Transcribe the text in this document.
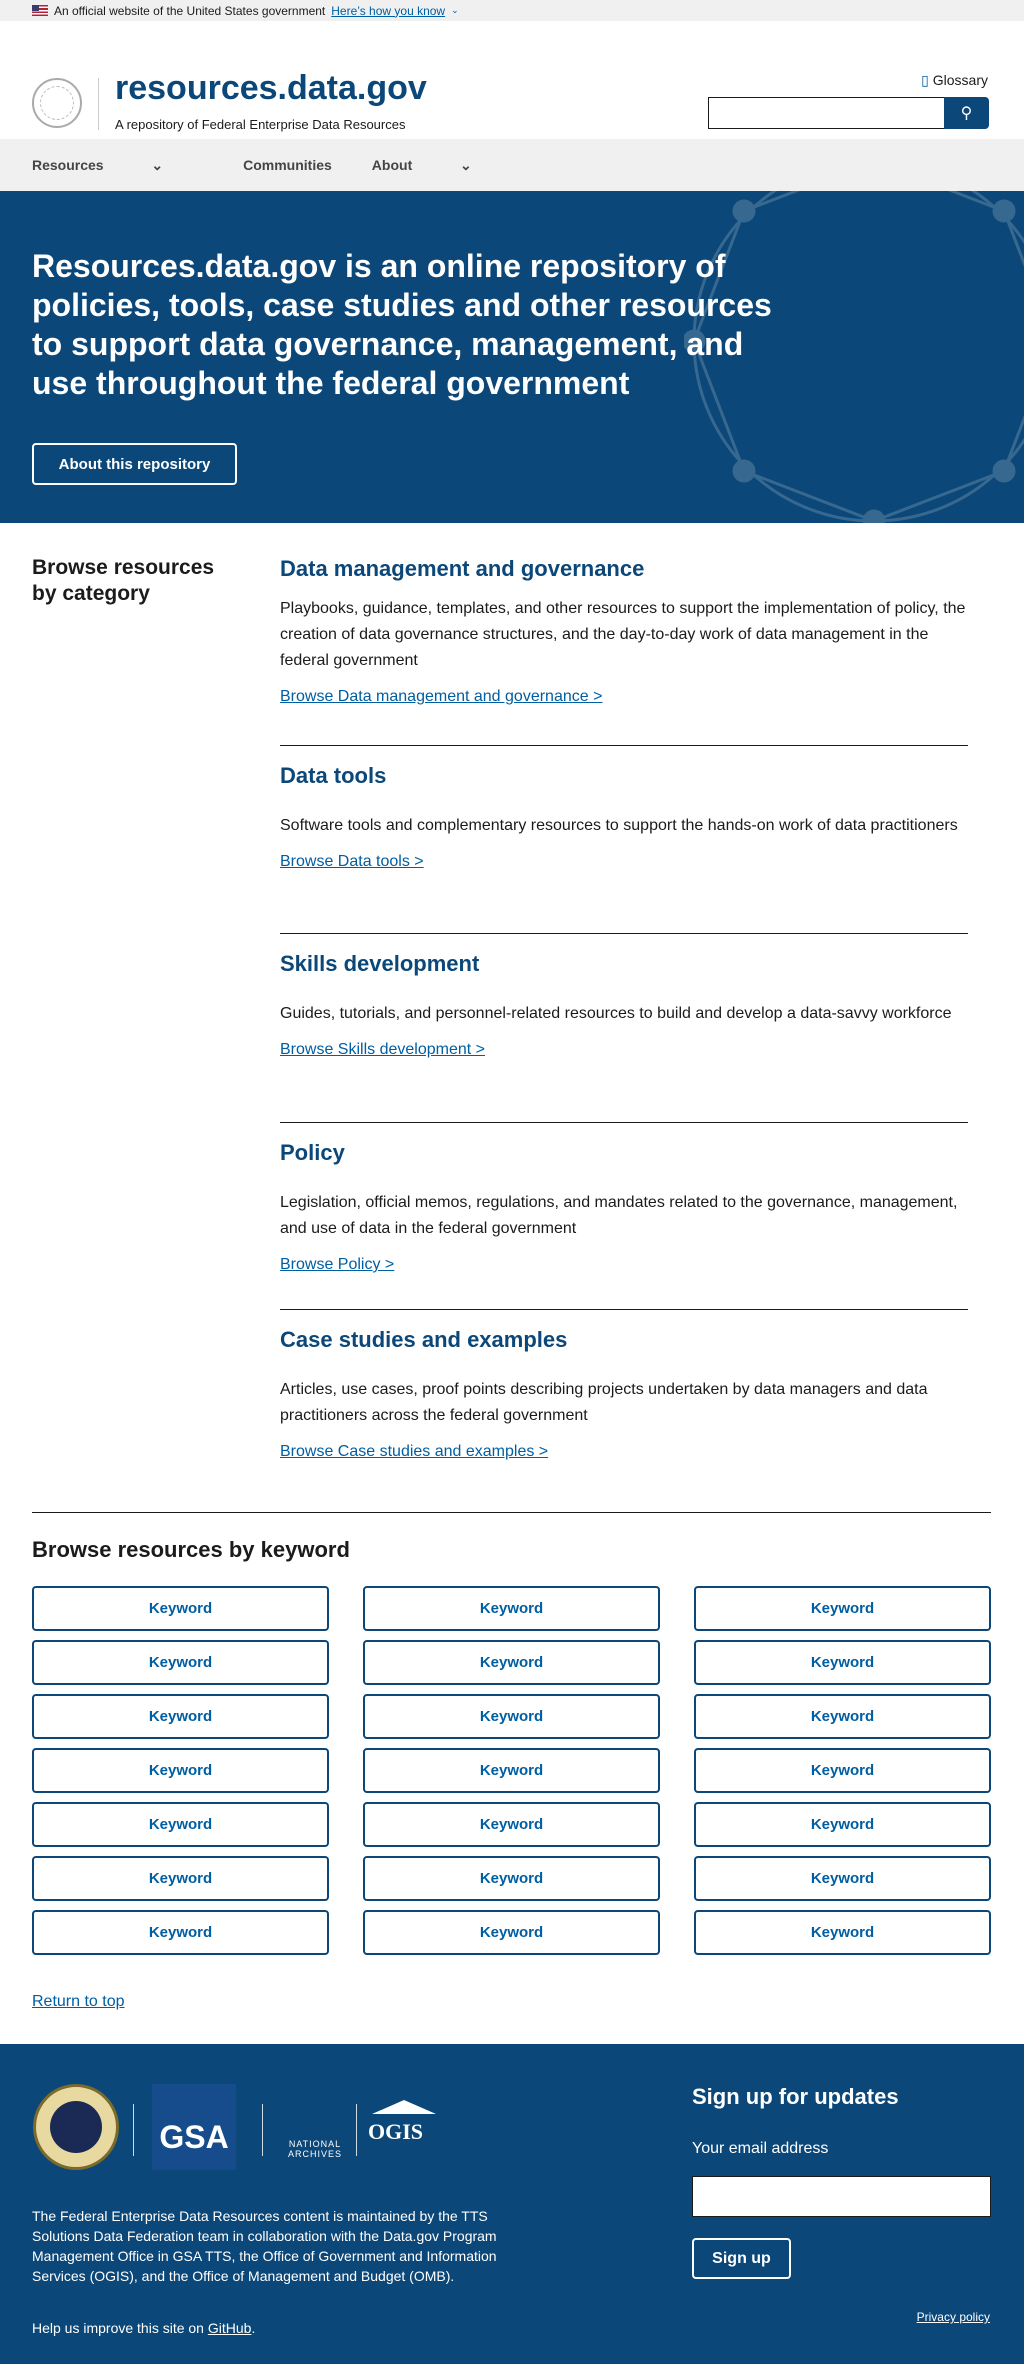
An official website of the United States government Here’s how you know ⌄
resources.data.gov
A repository of Federal Enterprise Data Resources
▯ Glossary
⚲
Resources	⌄	Communities	About	⌄
Resources.data.gov is an online repository of policies, tools, case studies and other resources to support data governance, management, and use throughout the federal government
About this repository
Browse resources by category
Data management and governance

Playbooks, guidance, templates, and other resources to support the implementation of policy, the creation of data governance structures, and the day-to-day work of data management in the federal government

Browse Data management and governance >
Data tools

Software tools and complementary resources to support the hands-on work of data practitioners

Browse Data tools >
Skills development

Guides, tutorials, and personnel-related resources to build and develop a data-savvy workforce

Browse Skills development >
Policy

Legislation, official memos, regulations, and mandates related to the governance, management, and use of data in the federal government

Browse Policy >
Case studies and examples

Articles, use cases, proof points describing projects undertaken by data managers and data practitioners across the federal government

Browse Case studies and examples >
Browse resources by keyword
Keyword	Keyword	Keyword
Keyword	Keyword	Keyword
Keyword	Keyword	Keyword
Keyword	Keyword	Keyword
Keyword	Keyword	Keyword
Keyword	Keyword	Keyword
Keyword	Keyword	Keyword
Return to top
GSA	NATIONAL ARCHIVES
OGIS

The Federal Enterprise Data Resources content is maintained by the TTS Solutions Data Federation team in collaboration with the Data.gov Program Management Office in GSA TTS, the Office of Government and Information Services (OGIS), and the Office of Management and Budget (OMB).

Help us improve this site on GitHub.

Sign up for updates
Your email address
Sign up
Privacy policy
